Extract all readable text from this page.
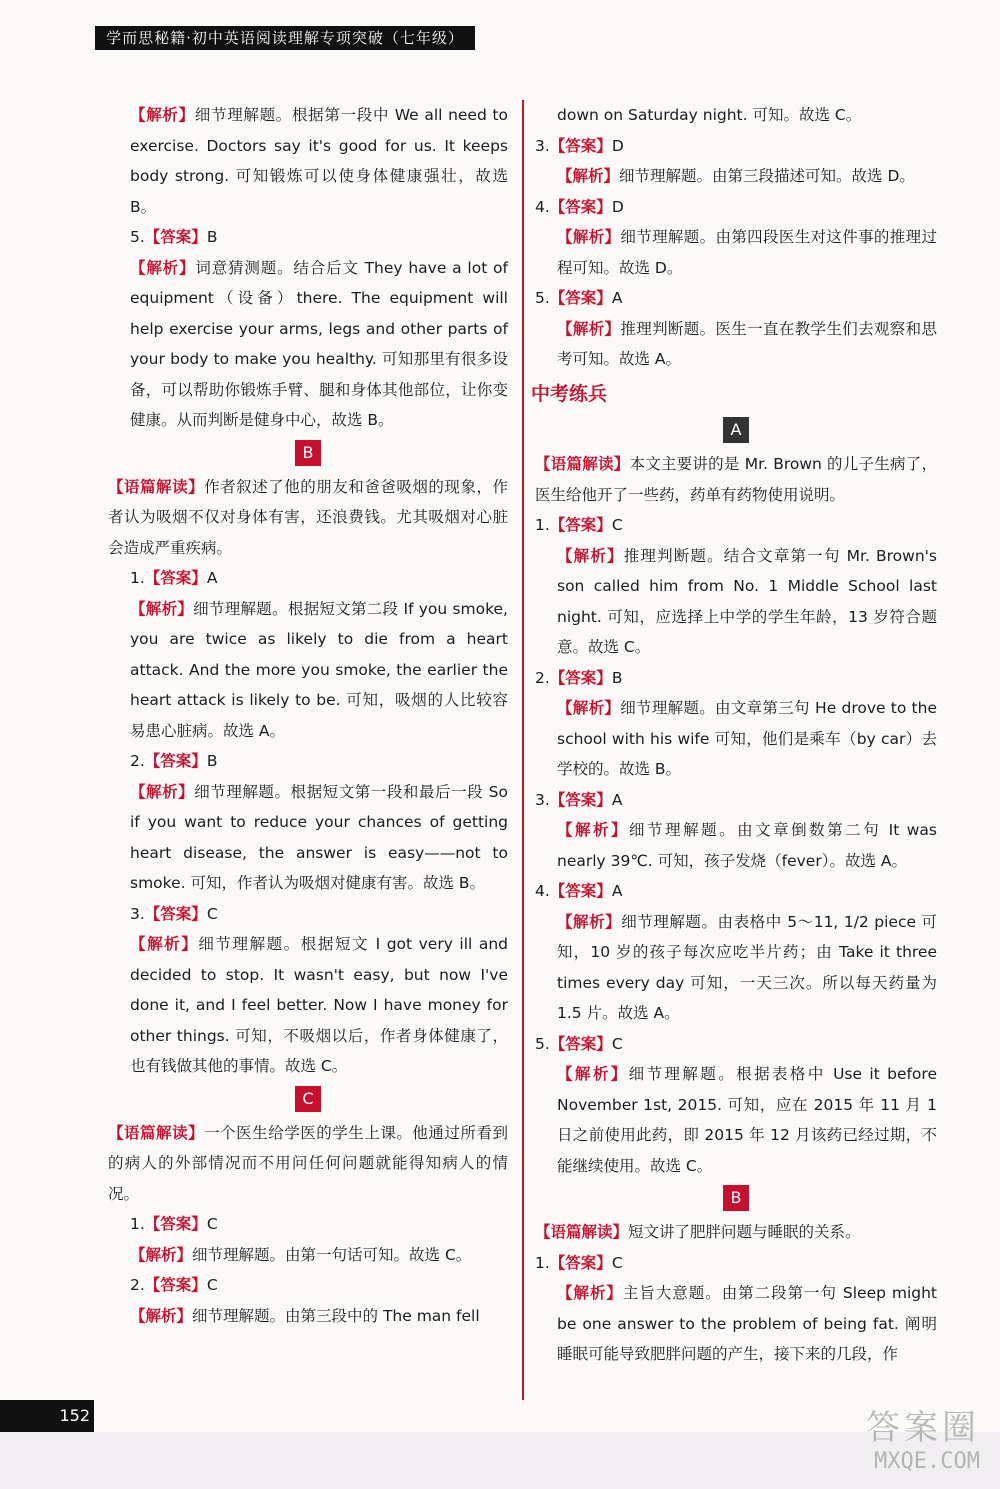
学而思秘籍·初中英语阅读理解专项突破（七年级）

【解析】细节理解题。根据第一段中 We all need to exercise. Doctors say it's good for us. It keeps body strong. 可知锻炼可以使身体健康强壮，故选 B。

5.【答案】B

【解析】词意猜测题。结合后文 They have a lot of equipment（设备）there. The equipment will help exercise your arms, legs and other parts of your body to make you healthy. 可知那里有很多设备，可以帮助你锻炼手臂、腿和身体其他部位，让你变健康。从而判断是健身中心，故选 B。

B

【语篇解读】作者叙述了他的朋友和爸爸吸烟的现象，作者认为吸烟不仅对身体有害，还浪费钱。尤其吸烟对心脏会造成严重疾病。

1.【答案】A

【解析】细节理解题。根据短文第二段 If you smoke, you are twice as likely to die from a heart attack. And the more you smoke, the earlier the heart attack is likely to be. 可知，吸烟的人比较容易患心脏病。故选 A。

2.【答案】B

【解析】细节理解题。根据短文第一段和最后一段 So if you want to reduce your chances of getting heart disease, the answer is easy——not to smoke. 可知，作者认为吸烟对健康有害。故选 B。

3.【答案】C

【解析】细节理解题。根据短文 I got very ill and decided to stop. It wasn't easy, but now I've done it, and I feel better. Now I have money for other things. 可知，不吸烟以后，作者身体健康了，也有钱做其他的事情。故选 C。

C

【语篇解读】一个医生给学医的学生上课。他通过所看到的病人的外部情况而不用问任何问题就能得知病人的情况。

1.【答案】C

【解析】细节理解题。由第一句话可知。故选 C。

2.【答案】C

【解析】细节理解题。由第三段中的 The man fell

down on Saturday night. 可知。故选 C。

3.【答案】D

【解析】细节理解题。由第三段描述可知。故选 D。

4.【答案】D

【解析】细节理解题。由第四段医生对这件事的推理过程可知。故选 D。

5.【答案】A

【解析】推理判断题。医生一直在教学生们去观察和思考可知。故选 A。

中考练兵
A

【语篇解读】本文主要讲的是 Mr. Brown 的儿子生病了，医生给他开了一些药，药单有药物使用说明。

1.【答案】C

【解析】推理判断题。结合文章第一句 Mr. Brown's son called him from No. 1 Middle School last night. 可知，应选择上中学的学生年龄，13 岁符合题意。故选 C。

2.【答案】B

【解析】细节理解题。由文章第三句 He drove to the school with his wife 可知，他们是乘车（by car）去学校的。故选 B。

3.【答案】A

【解析】细节理解题。由文章倒数第二句 It was nearly 39℃. 可知，孩子发烧（fever）。故选 A。

4.【答案】A

【解析】细节理解题。由表格中 5～11, 1/2 piece 可知，10 岁的孩子每次应吃半片药；由 Take it three times every day 可知，一天三次。所以每天药量为 1.5 片。故选 A。

5.【答案】C

【解析】细节理解题。根据表格中 Use it before November 1st, 2015. 可知，应在 2015 年 11 月 1 日之前使用此药，即 2015 年 12 月该药已经过期，不能继续使用。故选 C。

B

【语篇解读】短文讲了肥胖问题与睡眠的关系。

1.【答案】C

【解析】主旨大意题。由第二段第一句 Sleep might be one answer to the problem of being fat. 阐明睡眠可能导致肥胖问题的产生，接下来的几段，作

152	答案圈
MXQE.COM
